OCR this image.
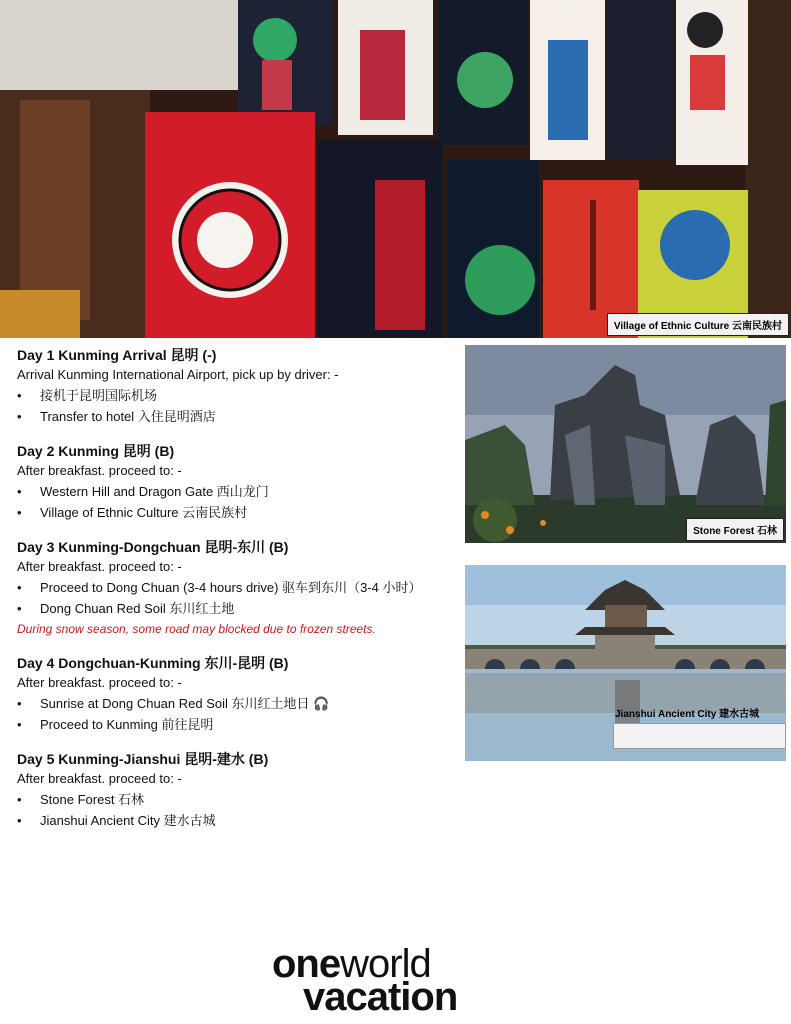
Village of Ethnic Culture 云南民族村
Stone Forest 石林
Jianshui Ancient City 建水古城
Day 1 Kunming Arrival 昆明 (-)
Arrival Kunming International Airport, pick up by driver: -
• 接机于昆明国际机场
• Transfer to hotel 入住昆明酒店
Day 2 Kunming 昆明 (B)
After breakfast. proceed to: -
• Western Hill and Dragon Gate 西山龙门
• Village of Ethnic Culture 云南民族村
Day 3 Kunming-Dongchuan 昆明-东川 (B)
After breakfast. proceed to: -
• Proceed to Dong Chuan (3-4 hours drive) 驱车到东川（3-4 小时）
• Dong Chuan Red Soil 东川红土地
During snow season, some road may blocked due to frozen streets.
Day 4 Dongchuan-Kunming 东川-昆明 (B)
After breakfast. proceed to: -
• Sunrise at Dong Chuan Red Soil 东川红土地日 🎧
• Proceed to Kunming 前往昆明
Day 5 Kunming-Jianshui 昆明-建水 (B)
After breakfast. proceed to: -
• Stone Forest 石林
• Jianshui Ancient City 建水古城
oneworld
vacation
